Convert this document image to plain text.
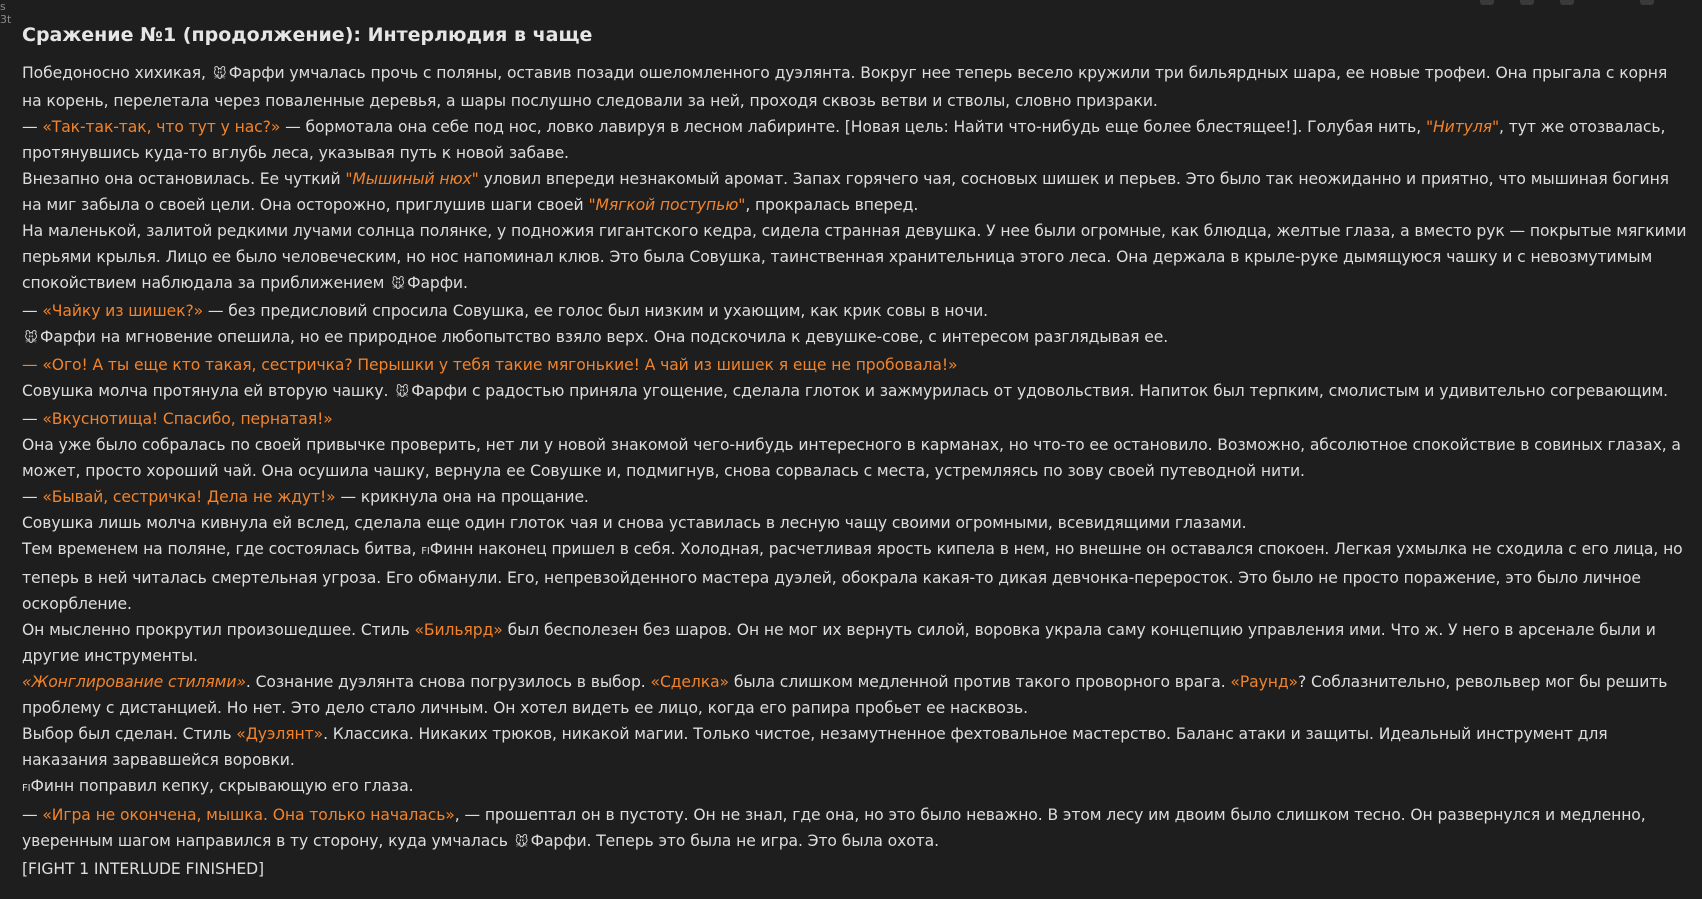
s
3t
Сражение №1 (продолжение): Интерлюдия в чаще

Победоносно хихикая, 🐭 Фарфи умчалась прочь с поляны, оставив позади ошеломленного дуэлянта. Вокруг нее теперь весело кружили три бильярдных шара, ее новые трофеи. Она прыгала с корня на корень, перелетала через поваленные деревья, а шары послушно следовали за ней, проходя сквозь ветви и стволы, словно призраки.

— «Так-так-так, что тут у нас?» — бормотала она себе под нос, ловко лавируя в лесном лабиринте. [Новая цель: Найти что-нибудь еще более блестящее!]. Голубая нить, "Нитуля", тут же отозвалась, протянувшись куда-то вглубь леса, указывая путь к новой забаве.

Внезапно она остановилась. Ее чуткий "Мышиный нюх" уловил впереди незнакомый аромат. Запах горячего чая, сосновых шишек и перьев. Это было так неожиданно и приятно, что мышиная богиня на миг забыла о своей цели. Она осторожно, приглушив шаги своей "Мягкой поступью", прокралась вперед.

На маленькой, залитой редкими лучами солнца полянке, у подножия гигантского кедра, сидела странная девушка. У нее были огромные, как блюдца, желтые глаза, а вместо рук — покрытые мягкими перьями крылья. Лицо ее было человеческим, но нос напоминал клюв. Это была Совушка, таинственная хранительница этого леса. Она держала в крыле-руке дымящуюся чашку и с невозмутимым спокойствием наблюдала за приближением 🐭 Фарфи.

— «Чайку из шишек?» — без предисловий спросила Совушка, ее голос был низким и ухающим, как крик совы в ночи.

🐭 Фарфи на мгновение опешила, но ее природное любопытство взяло верх. Она подскочила к девушке-сове, с интересом разглядывая ее.

— «Ого! А ты еще кто такая, сестричка? Перышки у тебя такие мягонькие! А чай из шишек я еще не пробовала!»

Совушка молча протянула ей вторую чашку. 🐭 Фарфи с радостью приняла угощение, сделала глоток и зажмурилась от удовольствия. Напиток был терпким, смолистым и удивительно согревающим.

— «Вкуснотища! Спасибо, пернатая!»

Она уже было собралась по своей привычке проверить, нет ли у новой знакомой чего-нибудь интересного в карманах, но что-то ее остановило. Возможно, абсолютное спокойствие в совиных глазах, а может, просто хороший чай. Она осушила чашку, вернула ее Совушке и, подмигнув, снова сорвалась с места, устремляясь по зову своей путеводной нити.

— «Бывай, сестричка! Дела не ждут!» — крикнула она на прощание.

Совушка лишь молча кивнула ей вслед, сделала еще один глоток чая и снова уставилась в лесную чащу своими огромными, всевидящими глазами.

Тем временем на поляне, где состоялась битва, FIФинн наконец пришел в себя. Холодная, расчетливая ярость кипела в нем, но внешне он оставался спокоен. Легкая ухмылка не сходила с его лица, но теперь в ней читалась смертельная угроза. Его обманули. Его, непревзойденного мастера дуэлей, обокрала какая-то дикая девчонка-переросток. Это было не просто поражение, это было личное оскорбление.

Он мысленно прокрутил произошедшее. Стиль «Бильярд» был бесполезен без шаров. Он не мог их вернуть силой, воровка украла саму концепцию управления ими. Что ж. У него в арсенале были и другие инструменты.

«Жонглирование стилями». Сознание дуэлянта снова погрузилось в выбор. «Сделка» была слишком медленной против такого проворного врага. «Раунд»? Соблазнительно, револьвер мог бы решить проблему с дистанцией. Но нет. Это дело стало личным. Он хотел видеть ее лицо, когда его рапира пробьет ее насквозь.

Выбор был сделан. Стиль «Дуэлянт». Классика. Никаких трюков, никакой магии. Только чистое, незамутненное фехтовальное мастерство. Баланс атаки и защиты. Идеальный инструмент для наказания зарвавшейся воровки.

FIФинн поправил кепку, скрывающую его глаза.

— «Игра не окончена, мышка. Она только началась», — прошептал он в пустоту. Он не знал, где она, но это было неважно. В этом лесу им двоим было слишком тесно. Он развернулся и медленно, уверенным шагом направился в ту сторону, куда умчалась 🐭 Фарфи. Теперь это была не игра. Это была охота.

[FIGHT 1 INTERLUDE FINISHED]
